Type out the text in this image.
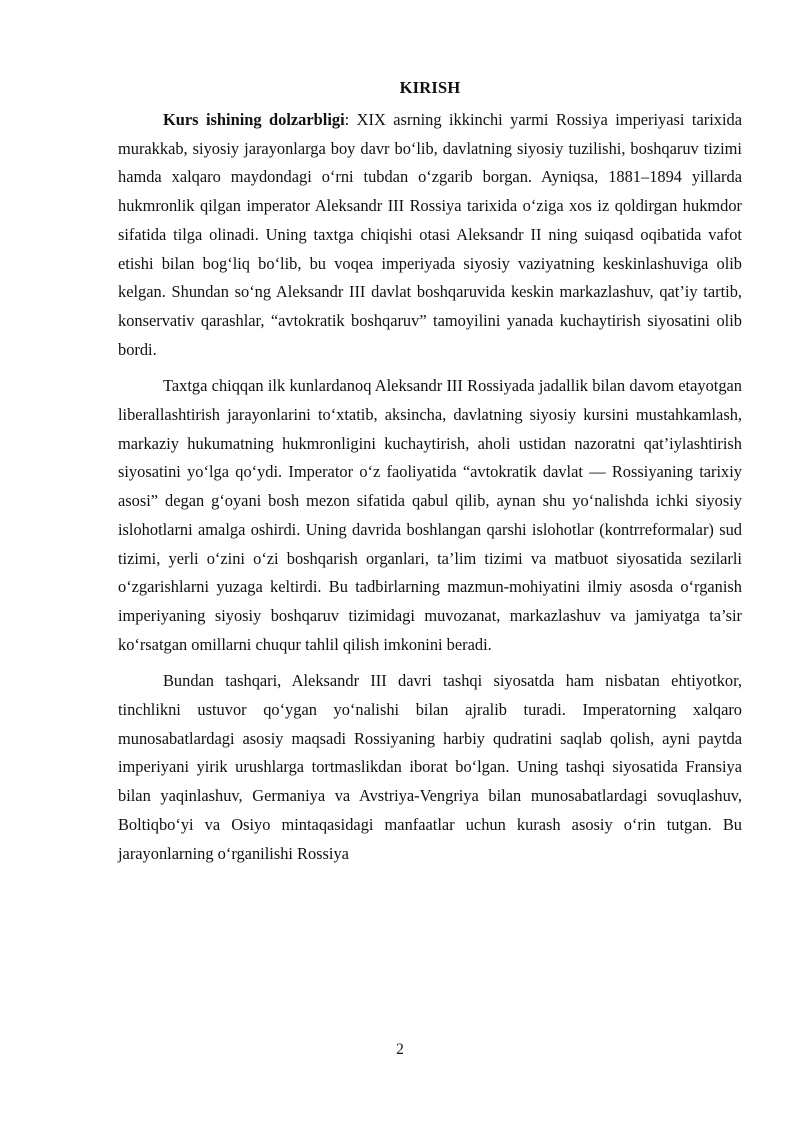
KIRISH

Kurs ishining dolzarbligi: XIX asrning ikkinchi yarmi Rossiya imperiyasi tarixida murakkab, siyosiy jarayonlarga boy davr bo‘lib, davlatning siyosiy tuzilishi, boshqaruv tizimi hamda xalqaro maydondagi o‘rni tubdan o‘zgarib borgan. Ayniqsa, 1881–1894 yillarda hukmronlik qilgan imperator Aleksandr III Rossiya tarixida o‘ziga xos iz qoldirgan hukmdor sifatida tilga olinadi. Uning taxtga chiqishi otasi Aleksandr II ning suiqasd oqibatida vafot etishi bilan bog‘liq bo‘lib, bu voqea imperiyada siyosiy vaziyatning keskinlashuviga olib kelgan. Shundan so‘ng Aleksandr III davlat boshqaruvida keskin markazlashuv, qat’iy tartib, konservativ qarashlar, “avtokratik boshqaruv” tamoyilini yanada kuchaytirish siyosatini olib bordi.

Taxtga chiqqan ilk kunlardanoq Aleksandr III Rossiyada jadallik bilan davom etayotgan liberallashtirish jarayonlarini to‘xtatib, aksincha, davlatning siyosiy kursini mustahkamlash, markaziy hukumatning hukmronligini kuchaytirish, aholi ustidan nazoratni qat’iylashtirish siyosatini yo‘lga qo‘ydi. Imperator o‘z faoliyatida “avtokratik davlat — Rossiyaning tarixiy asosi” degan g‘oyani bosh mezon sifatida qabul qilib, aynan shu yo‘nalishda ichki siyosiy islohotlarni amalga oshirdi. Uning davrida boshlangan qarshi islohotlar (kontrreformalar) sud tizimi, yerli o‘zini o‘zi boshqarish organlari, ta’lim tizimi va matbuot siyosatida sezilarli o‘zgarishlarni yuzaga keltirdi. Bu tadbirlarning mazmun-mohiyatini ilmiy asosda o‘rganish imperiyaning siyosiy boshqaruv tizimidagi muvozanat, markazlashuv va jamiyatga ta’sir ko‘rsatgan omillarni chuqur tahlil qilish imkonini beradi.

Bundan tashqari, Aleksandr III davri tashqi siyosatda ham nisbatan ehtiyotkor, tinchlikni ustuvor qo‘ygan yo‘nalishi bilan ajralib turadi. Imperatorning xalqaro munosabatlardagi asosiy maqsadi Rossiyaning harbiy qudratini saqlab qolish, ayni paytda imperiyani yirik urushlarga tortmaslikdan iborat bo‘lgan. Uning tashqi siyosatida Fransiya bilan yaqinlashuv, Germaniya va Avstriya-Vengriya bilan munosabatlardagi sovuqlashuv, Boltiqbo‘yi va Osiyo mintaqasidagi manfaatlar uchun kurash asosiy o‘rin tutgan. Bu jarayonlarning o‘rganilishi Rossiya

2
